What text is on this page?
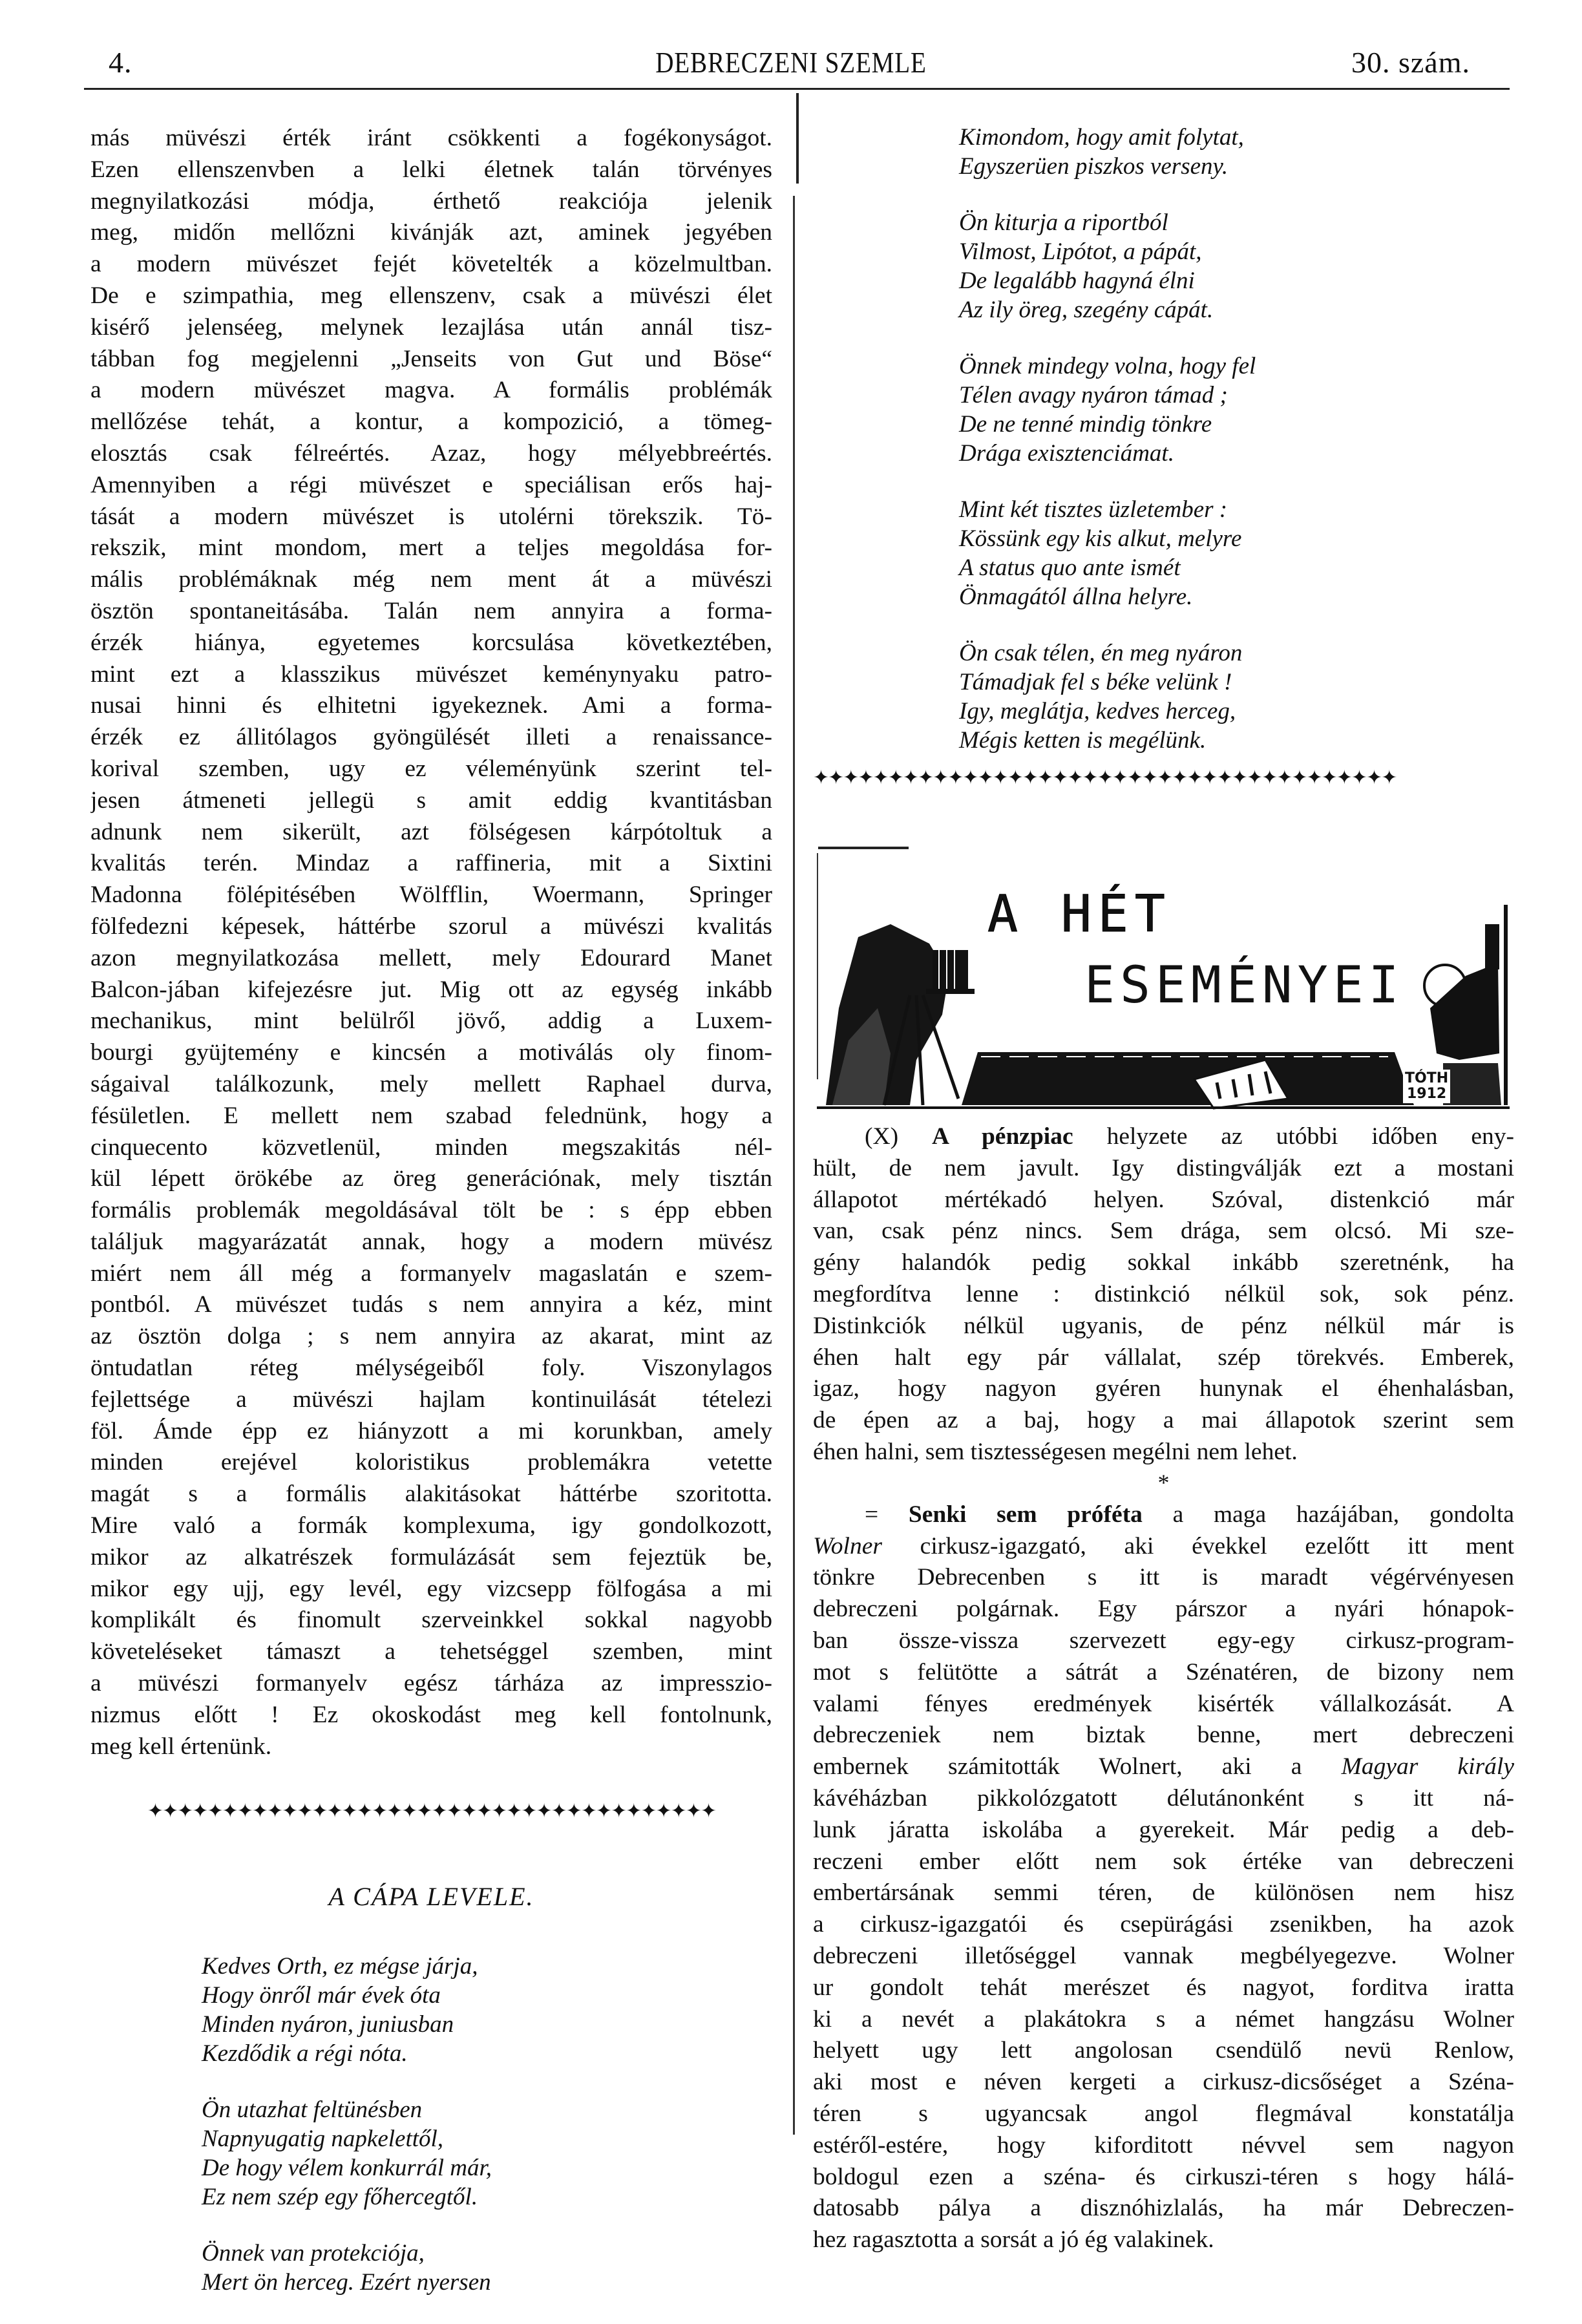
4.	DEBRECZENI SZEMLE	30. szám.
más müvészi érték iránt csökkenti a fogékonyságot.
Ezen ellenszenvben a lelki életnek talán törvényes
megnyilatkozási módja, érthető reakciója jelenik
meg, midőn mellőzni kivánják azt, aminek jegyében
a modern müvészet fejét követelték a közelmultban.
De e szimpathia, meg ellenszenv, csak a müvészi élet
kisérő jelenséeg, melynek lezajlása után annál tisz-
tábban fog megjelenni „Jenseits von Gut und Böse“
a modern müvészet magva. A formális problémák
mellőzése tehát, a kontur, a kompozició, a tömeg-
elosztás csak félreértés. Azaz, hogy mélyebbreértés.
Amennyiben a régi müvészet e speciálisan erős haj-
tását a modern müvészet is utolérni törekszik. Tö-
rekszik, mint mondom, mert a teljes megoldása for-
mális problémáknak még nem ment át a müvészi
ösztön spontaneitásába. Talán nem annyira a forma-
érzék hiánya, egyetemes korcsulása következtében,
mint ezt a klasszikus müvészet keménynyaku patro-
nusai hinni és elhitetni igyekeznek. Ami a forma-
érzék ez állitólagos gyöngülését illeti a renaissance-
korival szemben, ugy ez véleményünk szerint tel-
jesen átmeneti jellegü s amit eddig kvantitásban
adnunk nem sikerült, azt fölségesen kárpótoltuk a
kvalitás terén. Mindaz a raffineria, mit a Sixtini
Madonna fölépitésében Wölfflin, Woermann, Springer
fölfedezni képesek, háttérbe szorul a müvészi kvalitás
azon megnyilatkozása mellett, mely Edourard Manet
Balcon-jában kifejezésre jut. Mig ott az egység inkább
mechanikus, mint belülről jövő, addig a Luxem-
bourgi gyüjtemény e kincsén a motiválás oly finom-
ságaival találkozunk, mely mellett Raphael durva,
fésületlen. E mellett nem szabad felednünk, hogy a
cinquecento közvetlenül, minden megszakitás nél-
kül lépett örökébe az öreg generációnak, mely tisztán
formális problemák megoldásával tölt be : s épp ebben
találjuk magyarázatát annak, hogy a modern müvész
miért nem áll még a formanyelv magaslatán e szem-
pontból. A müvészet tudás s nem annyira a kéz, mint
az ösztön dolga ; s nem annyira az akarat, mint az
öntudatlan réteg mélységeiből foly. Viszonylagos
fejlettsége a müvészi hajlam kontinuilását tételezi
föl. Ámde épp ez hiányzott a mi korunkban, amely
minden erejével koloristikus problemákra vetette
magát s a formális alakitásokat háttérbe szoritotta.
Mire való a formák komplexuma, igy gondolkozott,
mikor az alkatrészek formulázását sem fejeztük be,
mikor egy ujj, egy levél, egy vizcsepp fölfogása a mi
komplikált és finomult szerveinkkel sokkal nagyobb
követeléseket támaszt a tehetséggel szemben, mint
a müvészi formanyelv egész tárháza az impresszio-
nizmus előtt ! Ez okoskodást meg kell fontolnunk,
meg kell értenünk.
✦✦✦✦✦✦✦✦✦✦✦✦✦✦✦✦✦✦✦✦✦✦✦✦✦✦✦✦✦✦✦✦✦✦✦✦✦✦
A CÁPA LEVELE.
Kedves Orth, ez mégse járja,
Hogy önről már évek óta
Minden nyáron, juniusban
Kezdődik a régi nóta.
Ön utazhat feltünésben
Napnyugatig napkelettől,
De hogy vélem konkurrál már,
Ez nem szép egy főhercegtől.
Önnek van protekciója,
Mert ön herceg. Ezért nyersen
Kimondom, hogy amit folytat,
Egyszerüen piszkos verseny.
Ön kiturja a riportból
Vilmost, Lipótot, a pápát,
De legalább hagyná élni
Az ily öreg, szegény cápát.
Önnek mindegy volna, hogy fel
Télen avagy nyáron támad ;
De ne tenné mindig tönkre
Drága exisztenciámat.
Mint két tisztes üzletember :
Kössünk egy kis alkut, melyre
A status quo ante ismét
Önmagától állna helyre.
Ön csak télen, én meg nyáron
Támadjak fel s béke velünk !
Igy, meglátja, kedves herceg,
Mégis ketten is megélünk.
✦✦✦✦✦✦✦✦✦✦✦✦✦✦✦✦✦✦✦✦✦✦✦✦✦✦✦✦✦✦✦✦✦✦✦✦✦✦✦
A HÉT
ESEMÉNYEI
TÓTH
1912
(X) A pénzpiac helyzete az utóbbi időben eny-
hült, de nem javult. Igy distingválják ezt a mostani
állapotot mértékadó helyen. Szóval, distenkció már
van, csak pénz nincs. Sem drága, sem olcsó. Mi sze-
gény halandók pedig sokkal inkább szeretnénk, ha
megfordítva lenne : distinkció nélkül sok, sok pénz.
Distinkciók nélkül ugyanis, de pénz nélkül már is
éhen halt egy pár vállalat, szép törekvés. Emberek,
igaz, hogy nagyon gyéren hunynak el éhenhalásban,
de épen az a baj, hogy a mai állapotok szerint sem
éhen halni, sem tisztességesen megélni nem lehet.
*
= Senki sem próféta a maga hazájában, gondolta
Wolner cirkusz-igazgató, aki évekkel ezelőtt itt ment
tönkre Debrecenben s itt is maradt végérvényesen
debreczeni polgárnak. Egy párszor a nyári hónapok-
ban össze-vissza szervezett egy-egy cirkusz-program-
mot s felütötte a sátrát a Szénatéren, de bizony nem
valami fényes eredmények kisérték vállalkozását. A
debreczeniek nem biztak benne, mert debreczeni
embernek számitották Wolnert, aki a Magyar király
kávéházban pikkolózgatott délutánonként s itt ná-
lunk járatta iskolába a gyerekeit. Már pedig a deb-
reczeni ember előtt nem sok értéke van debreczeni
embertársának semmi téren, de különösen nem hisz
a cirkusz-igazgatói és csepürágási zsenikben, ha azok
debreczeni illetőséggel vannak megbélyegezve. Wolner
ur gondolt tehát merészet és nagyot, forditva iratta
ki a nevét a plakátokra s a német hangzásu Wolner
helyett ugy lett angolosan csendülő nevü Renlow,
aki most e néven kergeti a cirkusz-dicsőséget a Széna-
téren s ugyancsak angol flegmával konstatálja
estéről-estére, hogy kiforditott névvel sem nagyon
boldogul ezen a széna- és cirkuszi-téren s hogy hálá-
datosabb pálya a disznóhizlalás, ha már Debreczen-
hez ragasztotta a sorsát a jó ég valakinek.
